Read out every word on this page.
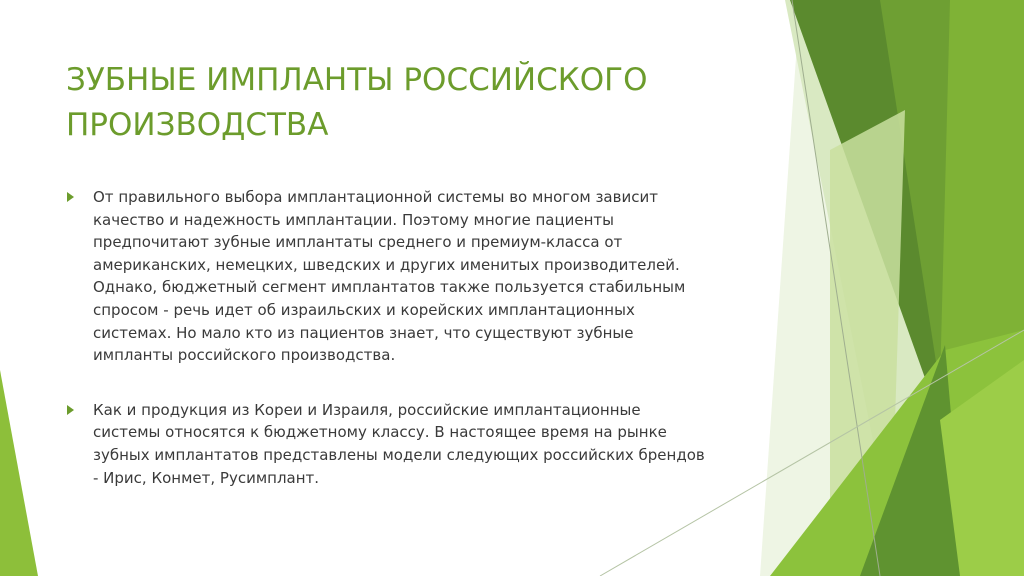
ЗУБНЫЕ ИМПЛАНТЫ РОССИЙСКОГО
ПРОИЗВОДСТВА
От правильного выбора имплантационной системы во многом зависит
качество и надежность имплантации. Поэтому многие пациенты
предпочитают зубные имплантаты среднего и премиум-класса от
американских, немецких, шведских и других именитых производителей.
Однако, бюджетный сегмент имплантатов также пользуется стабильным
спросом - речь идет об израильских и корейских имплантационных
системах. Но мало кто из пациентов знает, что существуют зубные
импланты российского производства.
Как и продукция из Кореи и Израиля, российские имплантационные
системы относятся к бюджетному классу. В настоящее время на рынке
зубных имплантатов представлены модели следующих российских брендов
- Ирис, Конмет, Русимплант.
